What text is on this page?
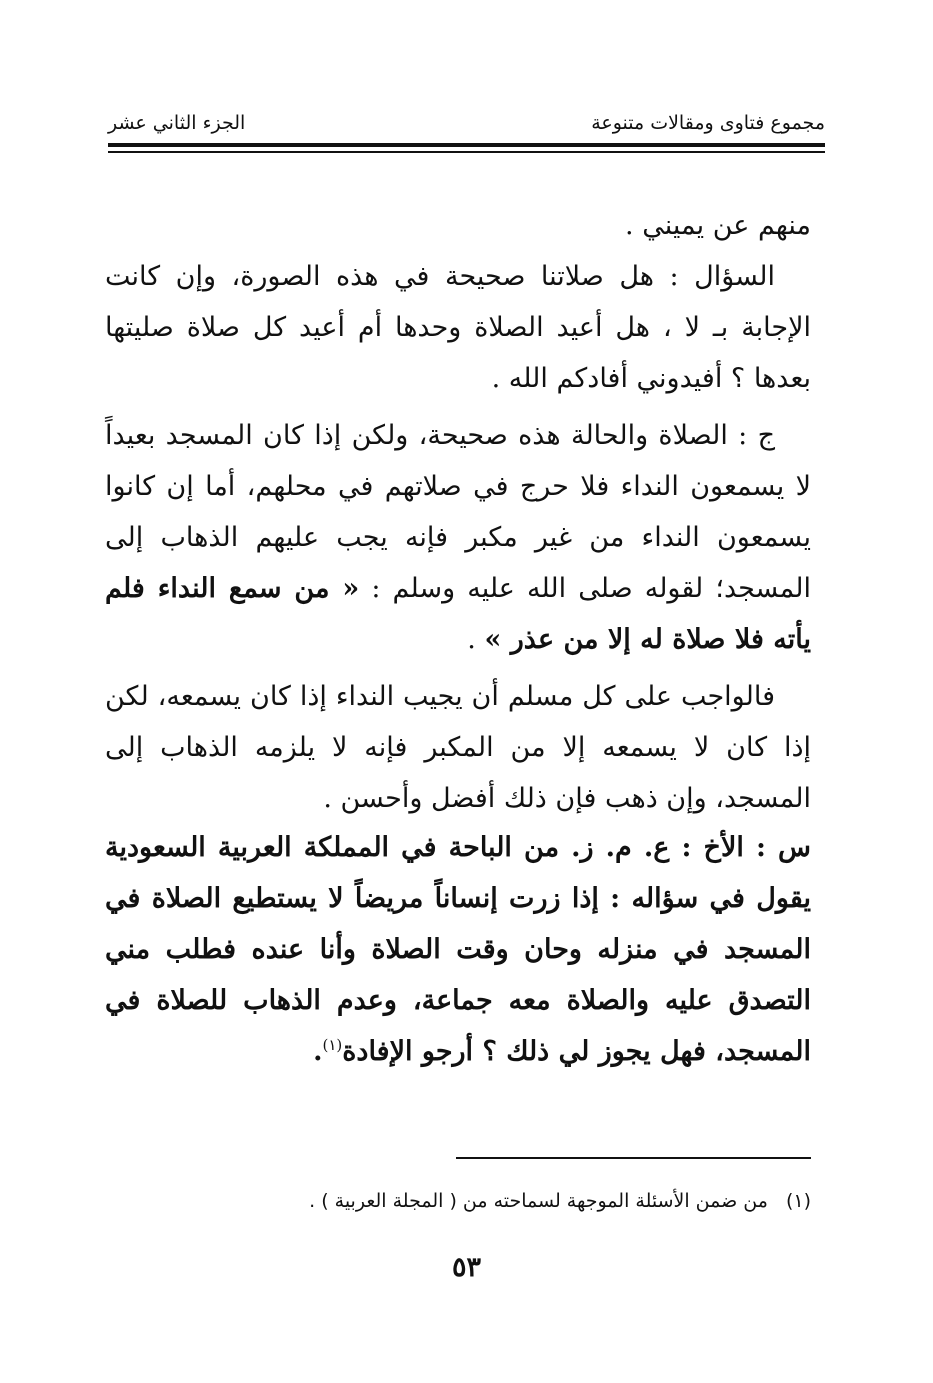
مجموع فتاوى ومقالات متنوعة
الجزء الثاني عشر

منهم عن يميني .

السؤال : هل صلاتنا صحيحة في هذه الصورة، وإن كانت الإجابة بـ لا ، هل أعيد الصلاة وحدها أم أعيد كل صلاة صليتها بعدها ؟ أفيدوني أفادكم الله .

ج : الصلاة والحالة هذه صحيحة، ولكن إذا كان المسجد بعيداً لا يسمعون النداء فلا حرج في صلاتهم في محلهم، أما إن كانوا يسمعون النداء من غير مكبر فإنه يجب عليهم الذهاب إلى المسجد؛ لقوله صلى الله عليه وسلم : « من سمع النداء فلم يأته فلا صلاة له إلا من عذر » .

فالواجب على كل مسلم أن يجيب النداء إذا كان يسمعه، لكن إذا كان لا يسمعه إلا من المكبر فإنه لا يلزمه الذهاب إلى المسجد، وإن ذهب فإن ذلك أفضل وأحسن .

س : الأخ : ع. م. ز. من الباحة في المملكة العربية السعودية يقول في سؤاله : إذا زرت إنساناً مريضاً لا يستطيع الصلاة في المسجد في منزله وحان وقت الصلاة وأنا عنده فطلب مني التصدق عليه والصلاة معه جماعة، وعدم الذهاب للصلاة في المسجد، فهل يجوز لي ذلك ؟ أرجو الإفادة$^{(١)}$.

(١)من ضمن الأسئلة الموجهة لسماحته من ( المجلة العربية ) .
٥٣
